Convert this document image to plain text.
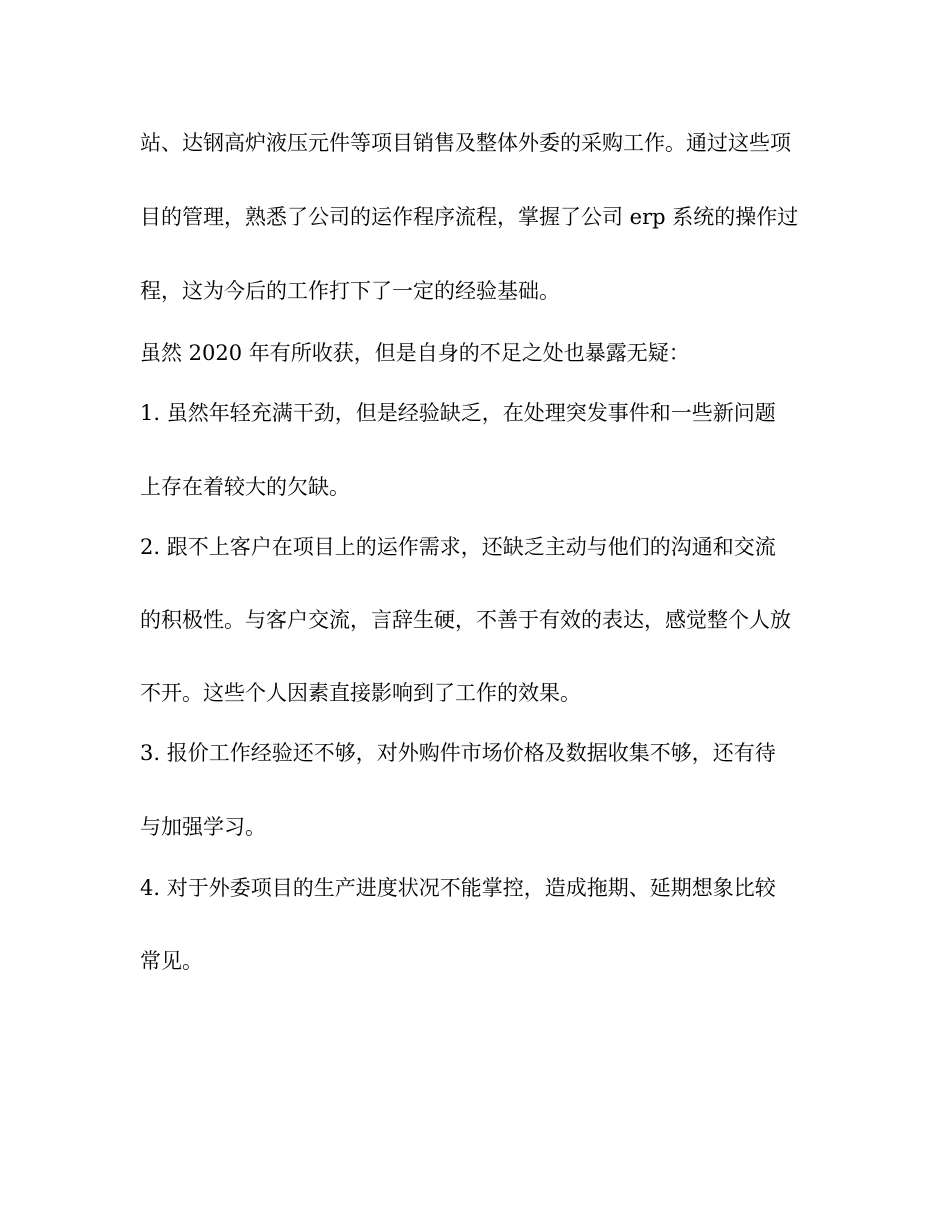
站、达钢高炉液压元件等项目销售及整体外委的采购工作。通过这些项
目的管理，熟悉了公司的运作程序流程，掌握了公司 erp 系统的操作过
程，这为今后的工作打下了一定的经验基础。
虽然 2020 年有所收获，但是自身的不足之处也暴露无疑：
1. 虽然年轻充满干劲，但是经验缺乏，在处理突发事件和一些新问题
上存在着较大的欠缺。
2. 跟不上客户在项目上的运作需求，还缺乏主动与他们的沟通和交流
的积极性。与客户交流，言辞生硬，不善于有效的表达，感觉整个人放
不开。这些个人因素直接影响到了工作的效果。
3. 报价工作经验还不够，对外购件市场价格及数据收集不够，还有待
与加强学习。
4. 对于外委项目的生产进度状况不能掌控，造成拖期、延期想象比较
常见。
